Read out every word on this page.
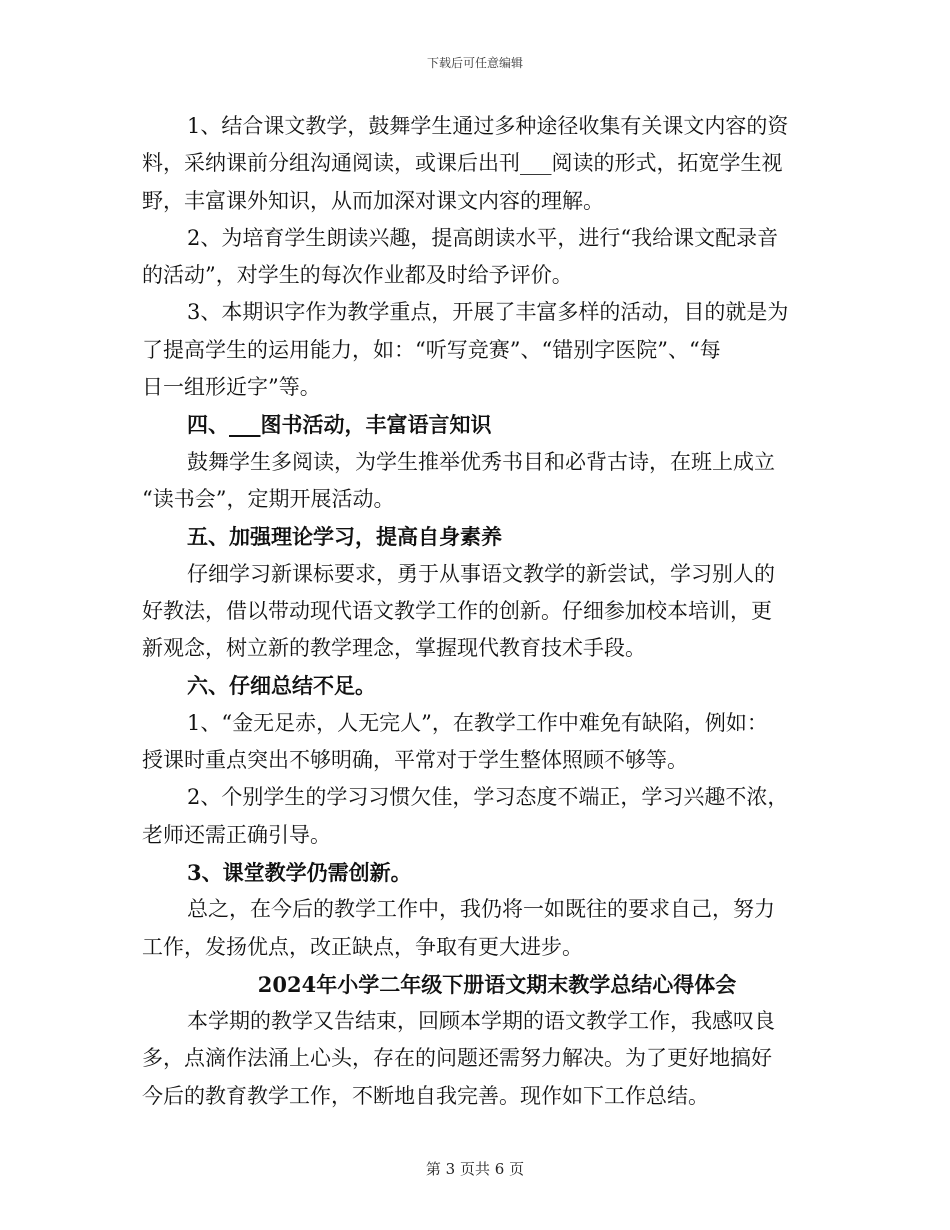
下载后可任意编辑
1、结合课文教学，鼓舞学生通过多种途径收集有关课文内容的资
料，采纳课前分组沟通阅读，或课后出刊___阅读的形式，拓宽学生视
野，丰富课外知识，从而加深对课文内容的理解。
2、为培育学生朗读兴趣，提高朗读水平，进行“我给课文配录音
的活动”，对学生的每次作业都及时给予评价。
3、本期识字作为教学重点，开展了丰富多样的活动，目的就是为
了提高学生的运用能力，如：“听写竞赛”、“错别字医院”、“每
日一组形近字”等。
四、___图书活动，丰富语言知识
鼓舞学生多阅读，为学生推举优秀书目和必背古诗，在班上成立
“读书会”，定期开展活动。
五、加强理论学习，提高自身素养
仔细学习新课标要求，勇于从事语文教学的新尝试，学习别人的
好教法，借以带动现代语文教学工作的创新。仔细参加校本培训，更
新观念，树立新的教学理念，掌握现代教育技术手段。
六、仔细总结不足。
1、“金无足赤，人无完人”，在教学工作中难免有缺陷，例如：
授课时重点突出不够明确，平常对于学生整体照顾不够等。
2、个别学生的学习习惯欠佳，学习态度不端正，学习兴趣不浓，
老师还需正确引导。
3、课堂教学仍需创新。
总之，在今后的教学工作中，我仍将一如既往的要求自己，努力
工作，发扬优点，改正缺点，争取有更大进步。
2024年小学二年级下册语文期末教学总结心得体会
本学期的教学又告结束，回顾本学期的语文教学工作，我感叹良
多，点滴作法涌上心头，存在的问题还需努力解决。为了更好地搞好
今后的教育教学工作，不断地自我完善。现作如下工作总结。
第 3 页共 6 页
